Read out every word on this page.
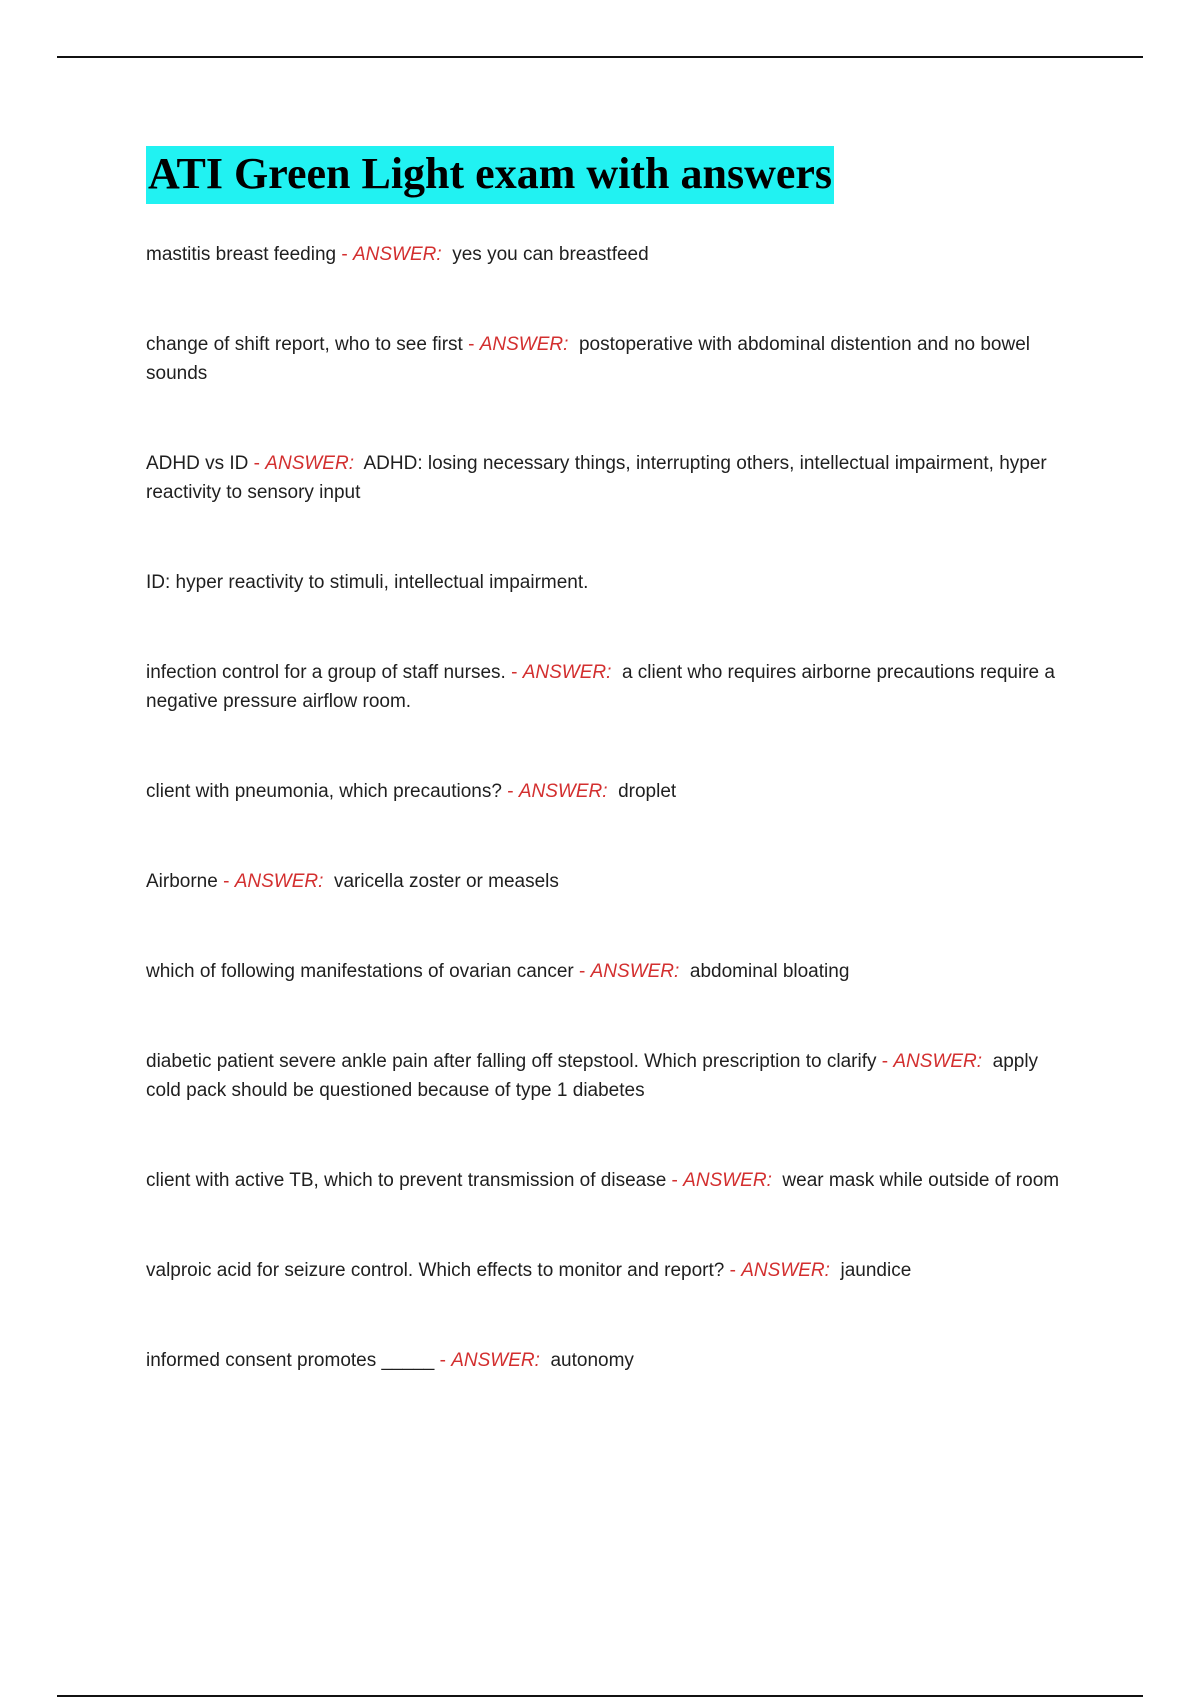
ATI Green Light exam with answers

mastitis breast feeding - ANSWER: yes you can breastfeed

change of shift report, who to see first - ANSWER: postoperative with abdominal distention and no bowel sounds

ADHD vs ID - ANSWER: ADHD: losing necessary things, interrupting others, intellectual impairment, hyper reactivity to sensory input

ID: hyper reactivity to stimuli, intellectual impairment.

infection control for a group of staff nurses. - ANSWER: a client who requires airborne precautions require a negative pressure airflow room.

client with pneumonia, which precautions? - ANSWER: droplet

Airborne - ANSWER: varicella zoster or measels

which of following manifestations of ovarian cancer - ANSWER: abdominal bloating

diabetic patient severe ankle pain after falling off stepstool. Which prescription to clarify - ANSWER: apply cold pack should be questioned because of type 1 diabetes

client with active TB, which to prevent transmission of disease - ANSWER: wear mask while outside of room

valproic acid for seizure control. Which effects to monitor and report? - ANSWER: jaundice

informed consent promotes _____ - ANSWER: autonomy
